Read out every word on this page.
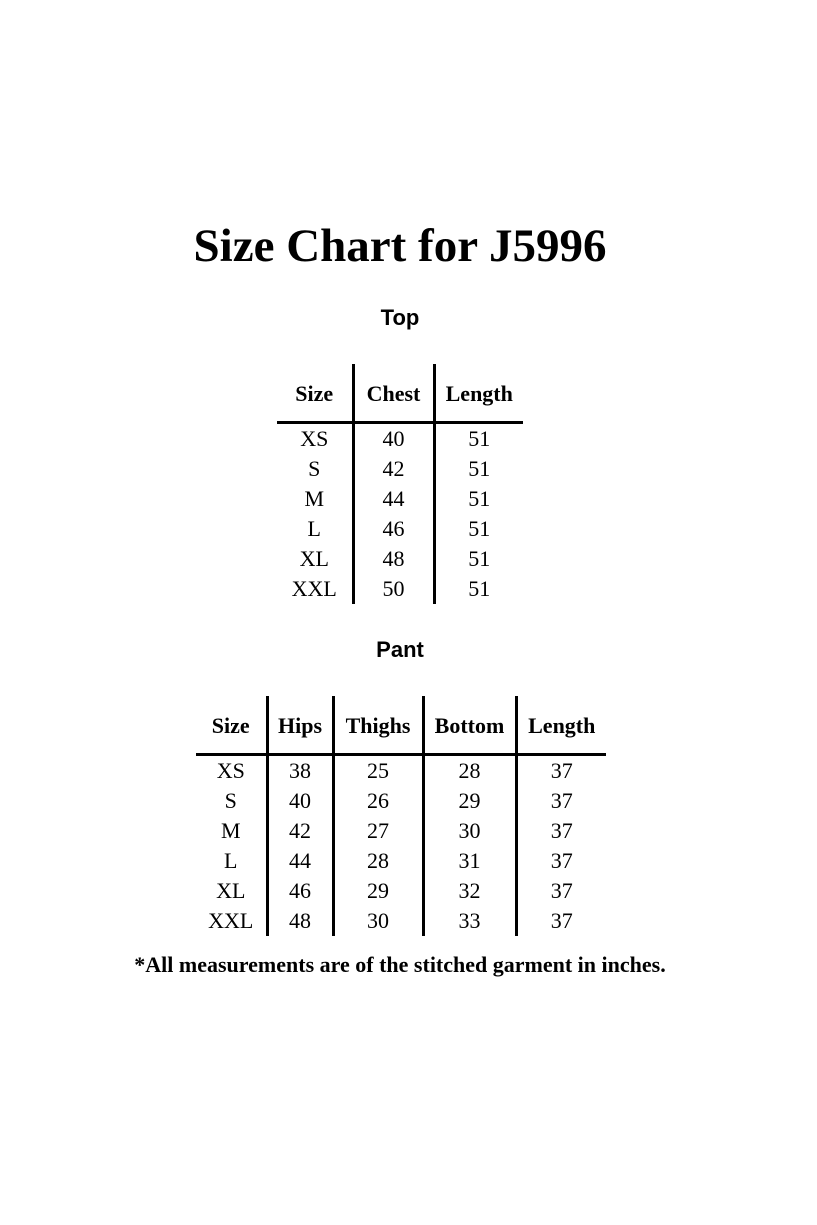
Size Chart for J5996
Top
Size	Chest	Length
XS	40	51
S	42	51
M	44	51
L	46	51
XL	48	51
XXL	50	51
Pant
Size	Hips	Thighs	Bottom	Length
XS	38	25	28	37
S	40	26	29	37
M	42	27	30	37
L	44	28	31	37
XL	46	29	32	37
XXL	48	30	33	37
*All measurements are of the stitched garment in inches.
